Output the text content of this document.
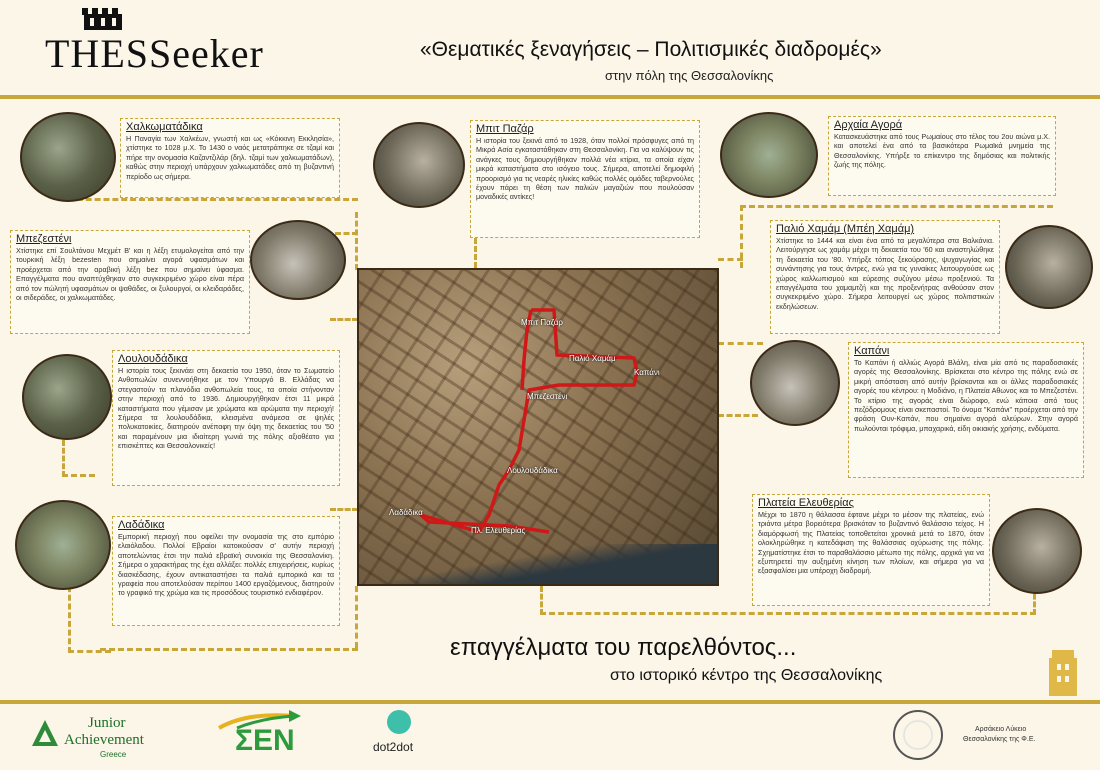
THESSeeker	«Θεματικές ξεναγήσεις – Πολιτισμικές διαδρομές»
στην πόλη της Θεσσαλονίκης
Χαλκωματάδικα

Η Παναγία των Χαλκέων, γνωστή και ως «Κόκκινη Εκκλησία», χτίστηκε το 1028 μ.Χ. Το 1430 ο ναός μετατράπηκε σε τζαμί και πήρε την ονομασία Καζαντζιλάρ (δηλ. τζαμί των χαλκωματάδων), καθώς στην περιοχή υπάρχουν χαλκωματάδες από τη βυζαντινή περίοδο ως σήμερα.

Μπιτ Παζάρ

Η ιστορία του ξεκινά από το 1928, όταν πολλοί πρόσφυγες από τη Μικρά Ασία εγκαταστάθηκαν στη Θεσσαλονίκη. Για να καλύψουν τις ανάγκες τους δημιουργήθηκαν πολλά νέα κτίρια, τα οποία είχαν μικρά καταστήματα στο ισόγειο τους. Σήμερα, αποτελεί δημοφιλή προορισμό για τις νεαρές ηλικίες καθώς πολλές ομάδες ταβερνούλες έχουν πάρει τη θέση των παλιών μαγαζιών που πουλούσαν μοναδικές αντίκες!

Αρχαία Αγορά

Κατασκευάστηκε από τους Ρωμαίους στο τέλος του 2ου αιώνα μ.Χ. και αποτελεί ένα από τα βασικότερα Ρωμαϊκά μνημεία της Θεσσαλονίκης. Υπήρξε το επίκεντρο της δημόσιας και πολιτικής ζωής της πόλης.

Μπεζεστένι

Χτίστηκε επί Σουλτάνου Μεχμέτ Β' και η λέξη ετυμολογείται από την τουρκική λέξη bezesten που σημαίνει αγορά υφασμάτων και προέρχεται από την αραβική λέξη bez που σημαίνει ύφασμα. Επαγγέλματα που αναπτύχθηκαν στο συγκεκριμένο χώρο είναι πέρα από τον πώλητή υφασμάτων οι ψαθάδες, οι ξυλουργοί, οι κλειδαράδες, οι σιδεράδες, οι χαλκωματάδες.

Παλιό Χαμάμ (Μπέη Χαμάμ)

Χτίστηκε το 1444 και είναι ένα από τα μεγαλύτερα στα Βαλκάνια. Λειτούργησε ως χαμάμ μέχρι τη δεκαετία του '60 και αναστηλώθηκε τη δεκαετία του '80. Υπήρξε τόπος ξεκούρασης, ψυχαγωγίας και συνάντησης για τους άντρες, ενώ για τις γυναίκες λειτουργούσε ως χώρος καλλωπισμού και εύρεσης συζύγου μέσω προξενιού. Τα επαγγέλματα του χαμαμτζή και της προξενήτρας ανθούσαν στον συγκεκριμένο χώρο. Σήμερα λειτουργεί ως χώρος πολιτιστικών εκδηλώσεων.

Λουλουδάδικα

Η ιστορία τους ξεκινάει στη δεκαετία του 1950, όταν το Σωματείο Ανθοπωλών συνεννοήθηκε με τον Υπουργό Β. Ελλάδας να στεγαστούν τα πλανόδια ανθοπωλεία τους, τα οποία στήνονταν στην περιοχή από το 1936. Δημιουργήθηκαν έτσι 11 μικρά καταστήματα που γέμισαν με χρώματα και αρώματα την περιοχή! Σήμερα τα λουλουδάδικα, κλεισμένα ανάμεσα σε ψηλές πολυκατοικίες, διατηρούν ανέπαφη την όψη της δεκαετίας του '50 και παραμένουν μια ιδιαίτερη γωνιά της πόλης αξιοθέατο για επισκέπτες και Θεσσαλονικείς!

Καπάνι

Το Καπάνι ή αλλιώς Αγορά Βλάλη, είναι μία από τις παραδοσιακές αγορές της Θεσσαλονίκης. Βρίσκεται στο κέντρο της πόλης ενώ σε μικρή απόσταση από αυτήν βρίσκονται και οι άλλες παραδοσιακές αγορές του κέντρου: η Μοδιάνο, η Πλατεία Αθωνος και το Μπεζεστένι. Το κτίριο της αγοράς είναι διώροφο, ενώ κάποια από τους πεζόδρομους είναι σκεπαστοί. Το όνομα "Καπάνι" προέρχεται από την φράση Ουν-Καπάν, που σημαίνει αγορά αλεύρων. Στην αγορά πωλούνται τρόφιμα, μπαχαρικά, είδη οικιακής χρήσης, ενδύματα.

Λαδάδικα

Εμπορική περιοχή που οφείλει την ονομασία της στο εμπόριο ελαιόλαδου. Πολλοί Εβραίοι κατοικούσαν σ' αυτήν περιοχή αποτελώντας έτσι την παλιά εβραϊκή συνοικία της Θεσσαλονίκη. Σήμερα ο χαρακτήρας της έχει αλλάξει: πολλές επιχειρήσεις, κυρίως διασκέδασης, έχουν αντικαταστήσει τα παλιά εμπορικά και τα γραφεία που αποτελούσαν περίπου 1400 εργαζόμενους, διατηρούν το γραφικό της χρώμα και τις προσόδους τουριστικό ενδιαφέρον.

Πλατεία Ελευθερίας

Μέχρι το 1870 η θάλασσα έφτανε μέχρι το μέσον της πλατείας, ενώ τριάντα μέτρα βορειότερα βρισκόταν το βυζαντινό θαλάσσιο τείχος. Η διαμόρφωσή της Πλατείας τοποθετείται χρονικά μετά το 1870, όταν ολοκληρώθηκε η κατεδάφιση της θαλάσσιας οχύρωσης της πόλης. Σχηματίστηκε έτσι το παραθαλάσσιο μέτωπο της πόλης, αρχικά για να εξυπηρετεί την αυξημένη κίνηση των πλοίων, και σήμερα για να εξασφαλίσει μια υπέροχη διαδρομή.

Μπιτ Παζάρ
Παλιό Χαμάμ
Καπάνι
Μπεζεστένι
Λουλουδάδικα
Λαδάδικα
Πλ. Ελευθερίας
επαγγέλματα του παρελθόντος...
στο ιστορικό κέντρο της Θεσσαλονίκης
Junior
Achievement
Greece	ΣΕΝ	dot2dot
Αρσάκειο Λύκειο
Θεσσαλονίκης της Φ.Ε.
